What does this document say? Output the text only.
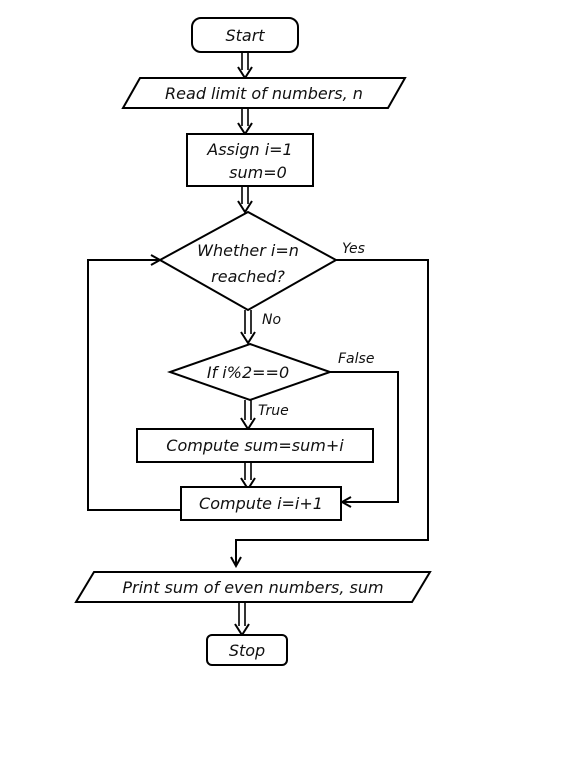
Start
Read limit of numbers, n
Assign i=1
sum=0
Whether i=n
reached?
Yes
No
If i%2==0
False
True
Compute sum=sum+i
Compute i=i+1
Print sum of even numbers, sum
Stop
